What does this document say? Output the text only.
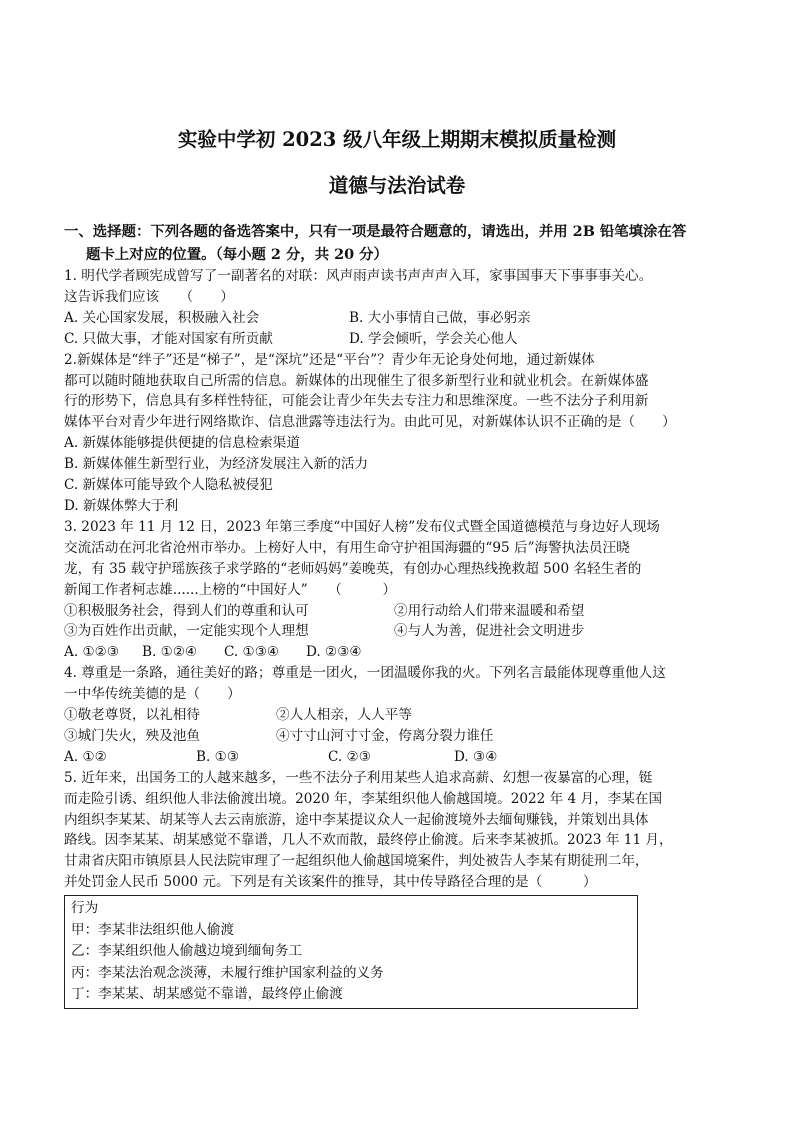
实验中学初 2023 级八年级上期期末模拟质量检测
道德与法治试卷
一、选择题：下列各题的备选答案中，只有一项是最符合题意的，请选出，并用 2B 铅笔填涂在答
题卡上对应的位置。（每小题 2 分，共 20 分）

1. 明代学者顾宪成曾写了一副著名的对联：风声雨声读书声声声入耳，家事国事天下事事事关心。

这告诉我们应该　　（　　）

A. 关心国家发展，积极融入社会	B. 大小事情自己做，事必躬亲
C. 只做大事，才能对国家有所贡献	D. 学会倾听，学会关心他人

2.新媒体是“绊子”还是“梯子”，是“深坑”还是“平台”？青少年无论身处何地，通过新媒体

都可以随时随地获取自己所需的信息。新媒体的出现催生了很多新型行业和就业机会。在新媒体盛

行的形势下，信息具有多样性特征，可能会让青少年失去专注力和思维深度。一些不法分子利用新

媒体平台对青少年进行网络欺诈、信息泄露等违法行为。由此可见，对新媒体认识不正确的是（　　）

A. 新媒体能够提供便捷的信息检索渠道

B. 新媒体催生新型行业，为经济发展注入新的活力

C. 新媒体可能导致个人隐私被侵犯

D. 新媒体弊大于利

3. 2023 年 11 月 12 日，2023 年第三季度“中国好人榜”发布仪式暨全国道德模范与身边好人现场

交流活动在河北省沧州市举办。上榜好人中，有用生命守护祖国海疆的“95 后”海警执法员汪晓

龙，有 35 载守护瑶族孩子求学路的“老师妈妈”姜晚英，有创办心理热线挽救超 500 名轻生者的

新闻工作者柯志雄......上榜的“中国好人”　　（　　　）

①积极服务社会，得到人们的尊重和认可	②用行动给人们带来温暖和希望
③为百姓作出贡献，一定能实现个人理想	④与人为善，促进社会文明进步
A. ①②③	B. ①②④	C. ①③④	D. ②③④

4. 尊重是一条路，通往美好的路；尊重是一团火，一团温暖你我的火。下列名言最能体现尊重他人这

一中华传统美德的是（　　）

①敬老尊贤，以礼相待	②人人相亲，人人平等
③城门失火，殃及池鱼	④寸寸山河寸寸金，侉离分裂力谁任
A. ①②	B. ①③	C. ②③	D. ③④

5. 近年来，出国务工的人越来越多，一些不法分子利用某些人追求高薪、幻想一夜暴富的心理，铤

而走险引诱、组织他人非法偷渡出境。2020 年，李某组织他人偷越国境。2022 年 4 月，李某在国

内组织李某某、胡某等人去云南旅游，途中李某提议众人一起偷渡境外去缅甸赚钱，并策划出具体

路线。因李某某、胡某感觉不靠谱，几人不欢而散，最终停止偷渡。后来李某被抓。2023 年 11 月，

甘肃省庆阳市镇原县人民法院审理了一起组织他人偷越国境案件，判处被告人李某有期徒刑二年，

并处罚金人民币 5000 元。下列是有关该案件的推导，其中传导路径合理的是（　　　）

行为
甲：李某非法组织他人偷渡
乙：李某组织他人偷越边境到缅甸务工
丙：李某法治观念淡薄，未履行维护国家利益的义务
丁：李某某、胡某感觉不靠谱，最终停止偷渡
